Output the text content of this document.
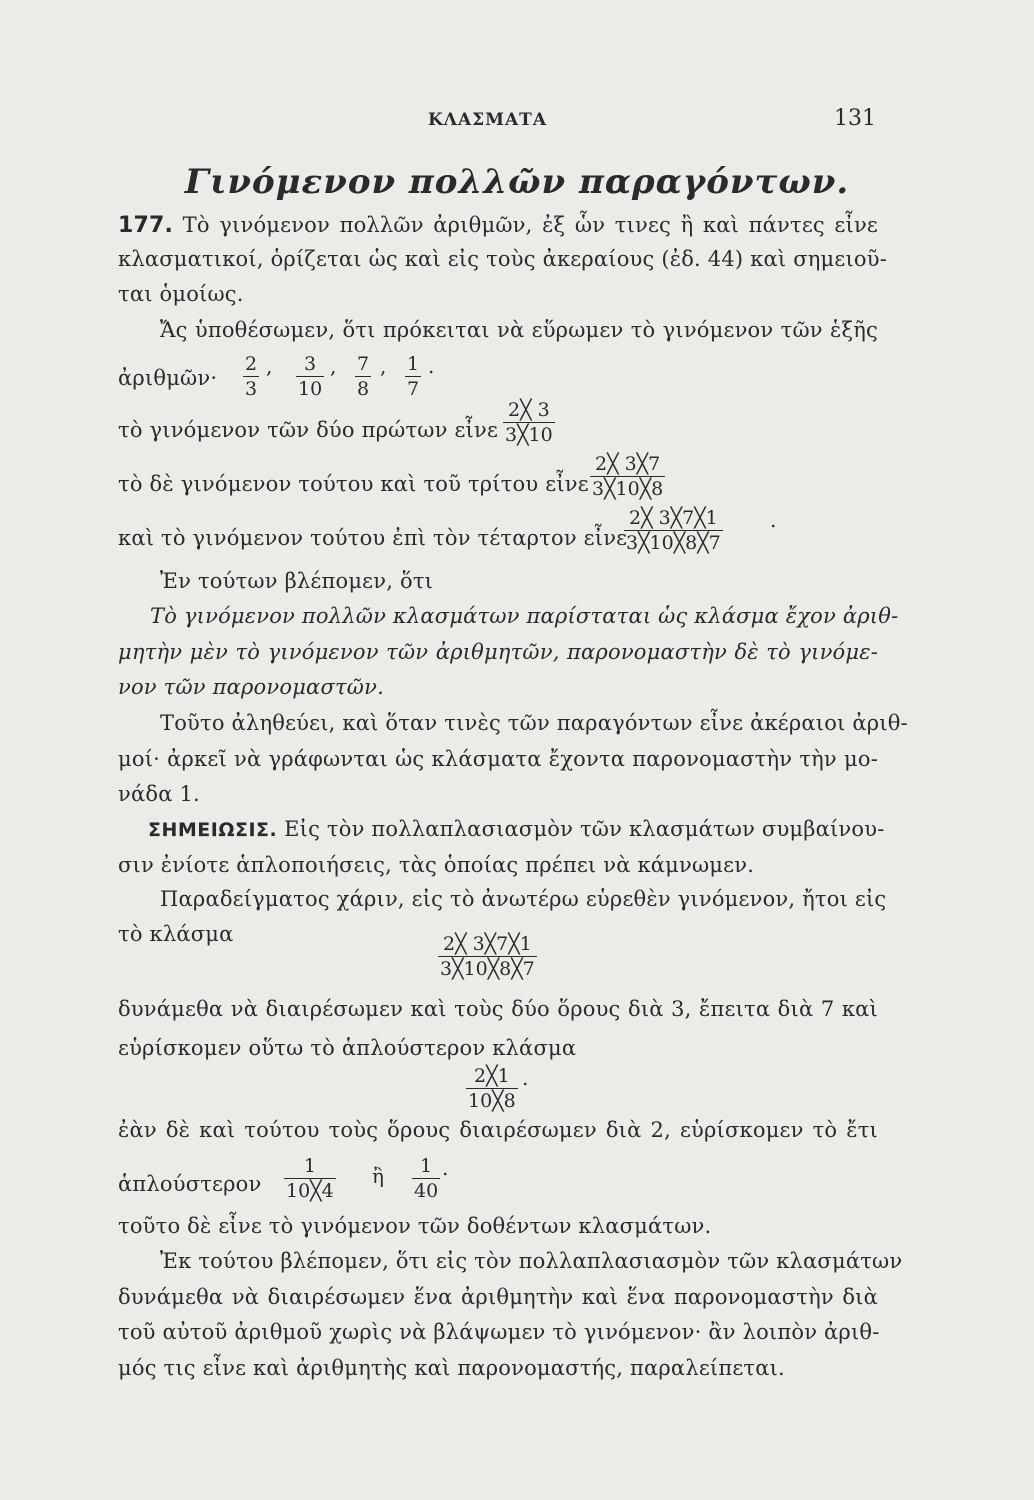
ΚΛΑΣΜΑΤΑ	131
Γινόμενον πολλῶν παραγόντων.
177. Τὸ γινόμενον πολλῶν ἀριθμῶν, ἐξ ὧν τινες ἢ καὶ πάντες εἶνε
κλασματικοί, ὁρίζεται ὡς καὶ εἰς τοὺς ἀκεραίους (ἐδ. 44) καὶ σημειοῦ-
ται ὁμοίως.
Ἄς ὑποθέσωμεν, ὅτι πρόκειται νὰ εὕρωμεν τὸ γινόμενον τῶν ἑξῆς
ἀριθμῶν·	$\frac{2}{3}$ , $\frac{3}{10}$ , $\frac{7}{8}$ , $\frac{1}{7}$ .
τὸ γινόμενον τῶν δύο πρώτων εἶνε $\frac{2╳ 3}{3╳10}$
τὸ δὲ γινόμενον τούτου καὶ τοῦ τρίτου εἶνε $\frac{2╳ 3╳7}{3╳10╳8}$
καὶ τὸ γινόμενον τούτου ἐπὶ τὸν τέταρτον εἶνε
$\frac{2╳ 3╳7╳1}{3╳10╳8╳7}$ .
Ἐν τούτων βλέπομεν, ὅτι
Τὸ γινόμενον πολλῶν κλασμάτων παρίσταται ὡς κλάσμα ἔχον ἀριθ-
μητὴν μὲν τὸ γινόμενον τῶν ἀριθμητῶν, παρονομαστὴν δὲ τὸ γινόμε-
νον τῶν παρονομαστῶν.
Τοῦτο ἀληθεύει, καὶ ὅταν τινὲς τῶν παραγόντων εἶνε ἀκέραιοι ἀριθ-
μοί· ἀρκεῖ νὰ γράφωνται ὡς κλάσματα ἔχοντα παρονομαστὴν τὴν μο-
νάδα 1.
ΣΗΜΕΙΩΣΙΣ. Εἰς τὸν πολλαπλασιασμὸν τῶν κλασμάτων συμβαίνου-
σιν ἐνίοτε ἁπλοποιήσεις, τὰς ὁποίας πρέπει νὰ κάμνωμεν.
Παραδείγματος χάριν, εἰς τὸ ἀνωτέρω εὑρεθὲν γινόμενον, ἤτοι εἰς
τὸ κλάσμα	$\frac{2╳ 3╳7╳1}{3╳10╳8╳7}$
δυνάμεθα νὰ διαιρέσωμεν καὶ τοὺς δύο ὅρους διὰ 3, ἔπειτα διὰ 7 καὶ
εὑρίσκομεν οὕτω τὸ ἁπλούστερον κλάσμα
$\frac{2╳1}{10╳8}$ .
ἐὰν δὲ καὶ τούτου τοὺς ὅρους διαιρέσωμεν διὰ 2, εὑρίσκομεν τὸ ἔτι
ἁπλούστερον	$\frac{1}{10╳4}$ ἢ $\frac{1}{40}$ .
τοῦτο δὲ εἶνε τὸ γινόμενον τῶν δοθέντων κλασμάτων.
Ἐκ τούτου βλέπομεν, ὅτι εἰς τὸν πολλαπλασιασμὸν τῶν κλασμάτων
δυνάμεθα νὰ διαιρέσωμεν ἕνα ἀριθμητὴν καὶ ἕνα παρονομαστὴν διὰ
τοῦ αὐτοῦ ἀριθμοῦ χωρὶς νὰ βλάψωμεν τὸ γινόμενον· ἂν λοιπὸν ἀριθ-
μός τις εἶνε καὶ ἀριθμητὴς καὶ παρονομαστής, παραλείπεται.
